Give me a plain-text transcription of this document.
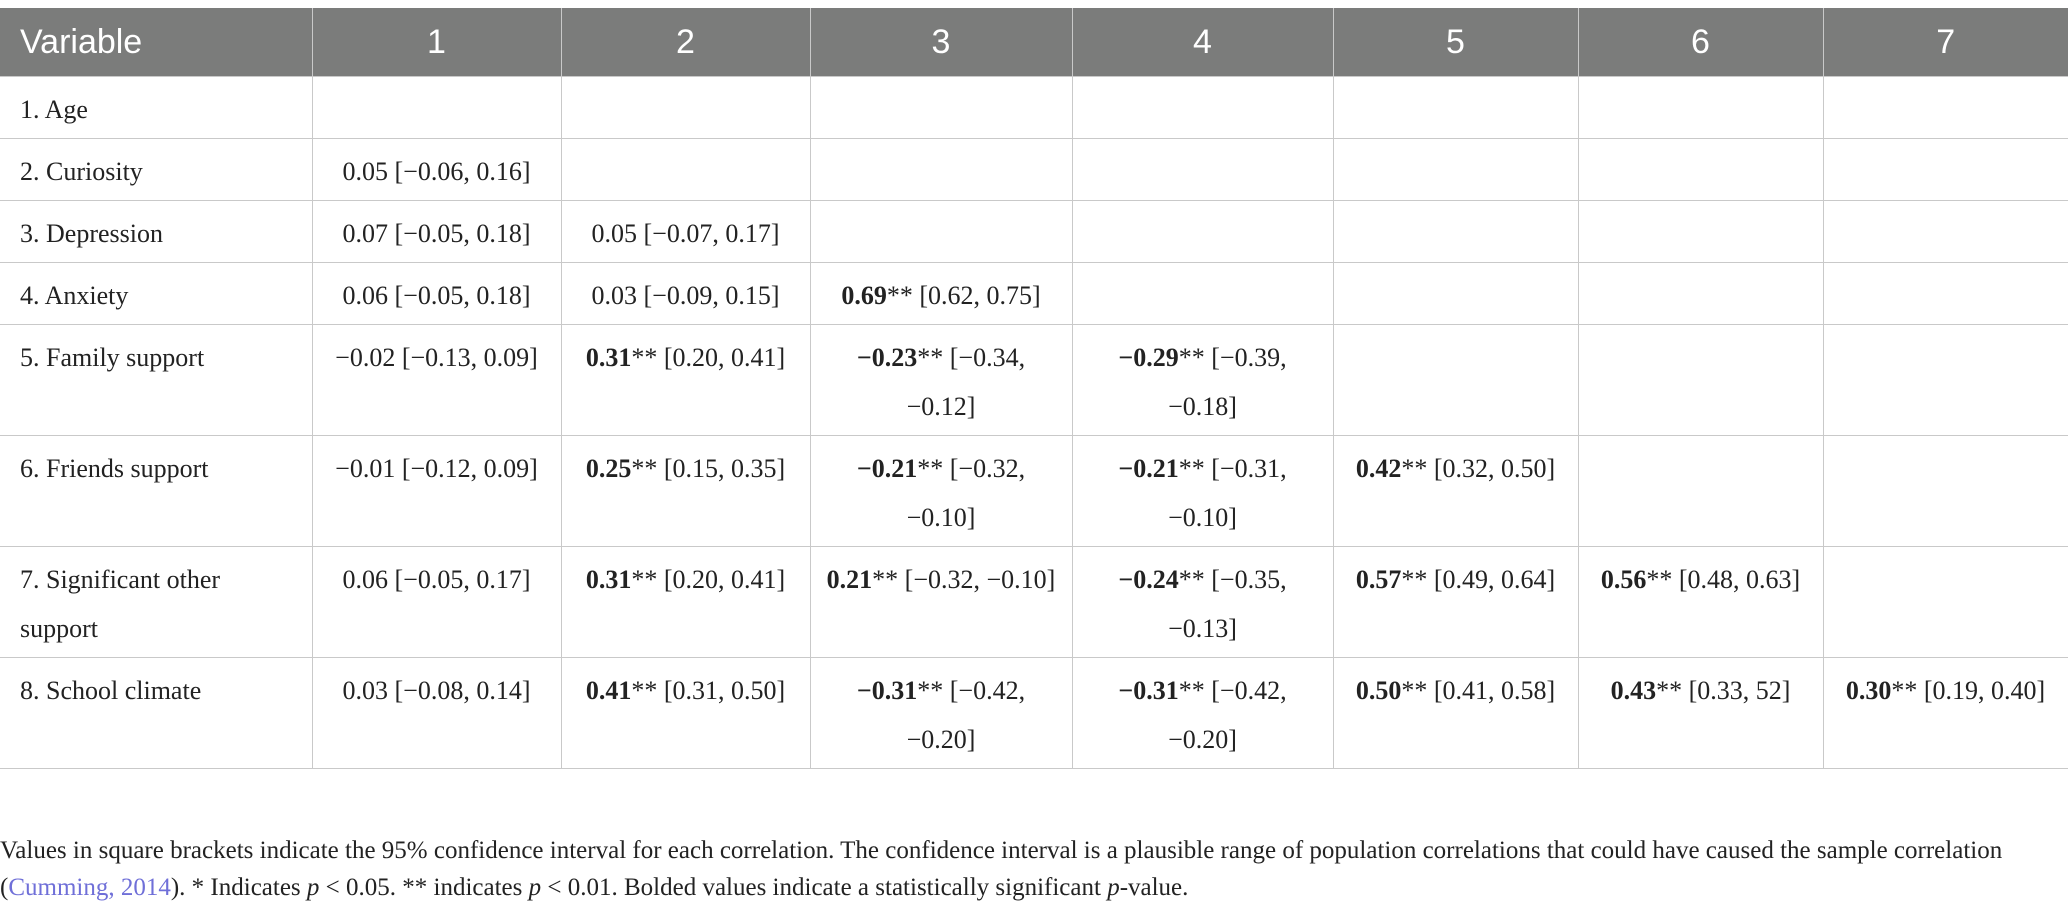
Variable	1	2	3	4	5	6	7
1. Age							
2. Curiosity	0.05 [−0.06, 0.16]						
3. Depression	0.07 [−0.05, 0.18]	0.05 [−0.07, 0.17]					
4. Anxiety	0.06 [−0.05, 0.18]	0.03 [−0.09, 0.15]	0.69** [0.62, 0.75]				
5. Family support	−0.02 [−0.13, 0.09]	0.31** [0.20, 0.41]	−0.23** [−0.34, −0.12]	−0.29** [−0.39, −0.18]			
6. Friends support	−0.01 [−0.12, 0.09]	0.25** [0.15, 0.35]	−0.21** [−0.32, −0.10]	−0.21** [−0.31, −0.10]	0.42** [0.32, 0.50]		
7. Significant other support	0.06 [−0.05, 0.17]	0.31** [0.20, 0.41]	0.21** [−0.32, −0.10]	−0.24** [−0.35, −0.13]	0.57** [0.49, 0.64]	0.56** [0.48, 0.63]	
8. School climate	0.03 [−0.08, 0.14]	0.41** [0.31, 0.50]	−0.31** [−0.42, −0.20]	−0.31** [−0.42, −0.20]	0.50** [0.41, 0.58]	0.43** [0.33, 52]	0.30** [0.19, 0.40]

Values in square brackets indicate the 95% confidence interval for each correlation. The confidence interval is a plausible range of population correlations that could have caused the sample correlation (Cumming, 2014). * Indicates p < 0.05. ** indicates p < 0.01. Bolded values indicate a statistically significant p-value.
